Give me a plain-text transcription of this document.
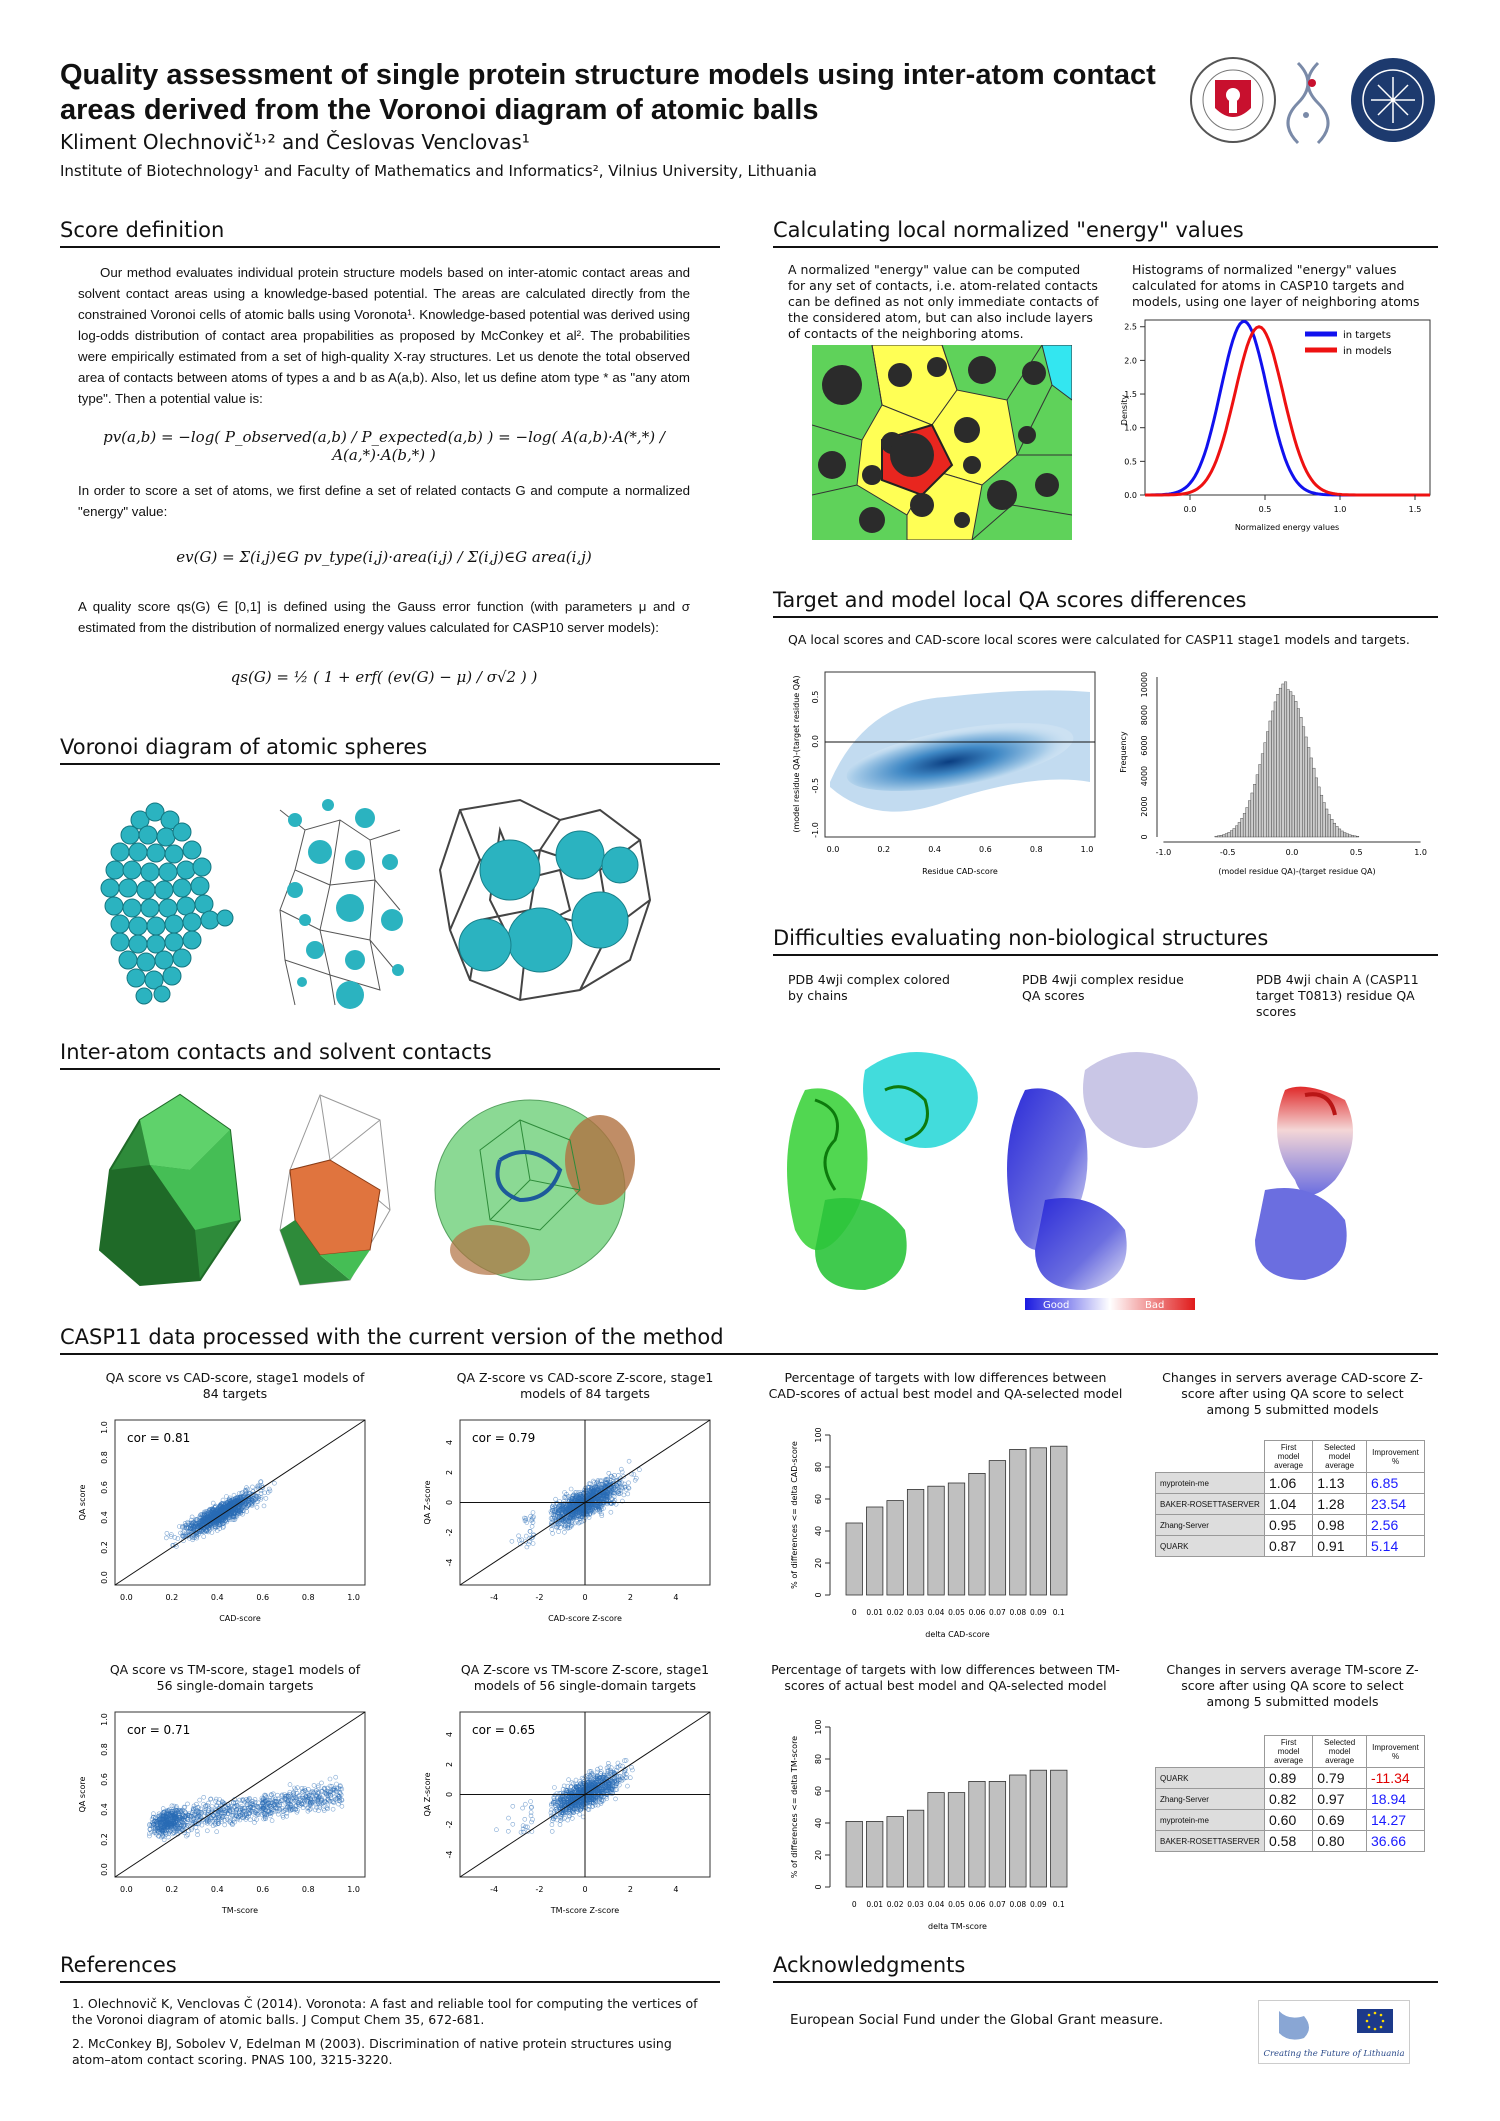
Quality assessment of single protein structure models using inter-atom contact areas derived from the Voronoi diagram of atomic balls
Kliment Olechnovič¹˒² and Česlovas Venclovas¹
Institute of Biotechnology¹ and Faculty of Mathematics and Informatics², Vilnius University, Lithuania
Score definition
Our method evaluates individual protein structure models based on inter-atomic contact areas and solvent contact areas using a knowledge-based potential. The areas are calculated directly from the constrained Voronoi cells of atomic balls using Voronota¹. Knowledge-based potential was derived using log-odds distribution of contact area propabilities as proposed by McConkey et al². The probabilities were empirically estimated from a set of high-quality X-ray structures. Let us denote the total observed area of contacts between atoms of types a and b as A(a,b). Also, let us define atom type * as "any atom type". Then a potential value is:
pv(a,b) = −log( P_observed(a,b) / P_expected(a,b) ) = −log( A(a,b)·A(*,*) / A(a,*)·A(b,*) )
In order to score a set of atoms, we first define a set of related contacts G and compute a normalized "energy" value:
ev(G) = Σ(i,j)∈G pv_type(i,j)·area(i,j) / Σ(i,j)∈G area(i,j)
A quality score qs(G) ∈ [0,1] is defined using the Gauss error function (with parameters μ and σ estimated from the distribution of normalized energy values calculated for CASP10 server models):
qs(G) = ½ ( 1 + erf( (ev(G) − μ) / σ√2 ) )
Voronoi diagram of atomic spheres
Inter-atom contacts and solvent contacts
Calculating local normalized "energy" values
A normalized "energy" value can be computed for any set of contacts, i.e. atom-related contacts can be defined as not only immediate contacts of the considered atom, but can also include layers of contacts of the neighboring atoms.
Histograms of normalized "energy" values calculated for atoms in CASP10 targets and models, using one layer of neighboring atoms
0.0	0.5	1.0	1.5
0.0
0.5
1.0
1.5
2.0
2.5
Density
Normalized energy values
in targets
in models
Target and model local QA scores differences
QA local scores and CAD-score local scores were calculated for CASP11 stage1 models and targets.
0.0	0.2	0.4	0.6	0.8	1.0
-1.0
-0.5
0.0
0.5
(model residue QA)-(target residue QA)
Residue CAD-score
-1.0	-0.5	0.0	0.5	1.0
0
2000
4000
6000
8000
10000
Frequency
(model residue QA)-(target residue QA)
Difficulties evaluating non-biological structures
PDB 4wji complex colored by chains
PDB 4wji complex residue QA scores
PDB 4wji chain A (CASP11 target T0813) residue QA scores
Good	Bad
CASP11 data processed with the current version of the method
QA score vs CAD-score, stage1 models of 84 targets
QA Z-score vs CAD-score Z-score, stage1 models of 84 targets
Percentage of targets with low differences between CAD-scores of actual best model and QA-selected model
Changes in servers average CAD-score Z-score after using QA score to select among 5 submitted models
cor = 0.81
0.0	0.2	0.4	0.6	0.8	1.0
0.0
0.2
0.4
0.6
0.8
1.0
CAD-score
QA score
cor = 0.79
-4	-2	0	2	4
-4
-2
0
2
4
CAD-score Z-score
QA Z-score
0 0.01 0.02 0.03 0.04 0.05 0.06 0.07 0.08 0.09 0.1
0
20
40
60
80
100
delta CAD-score
% of differences <= delta CAD-score
		First model average	Selected model average	Improvement %
myprotein-me	1.06	1.13	6.85
BAKER-ROSETTASERVER	1.04	1.28	23.54
Zhang-Server	0.95	0.98	2.56
QUARK	0.87	0.91	5.14
QA score vs TM-score, stage1 models of 56 single-domain targets
QA Z-score vs TM-score Z-score, stage1 models of 56 single-domain targets
Percentage of targets with low differences between TM-scores of actual best model and QA-selected model
Changes in servers average TM-score Z-score after using QA score to select among 5 submitted models
cor = 0.71
0.0	0.2	0.4	0.6	0.8	1.0
0.0
0.2
0.4
0.6
0.8
1.0
TM-score
QA score
cor = 0.65
-4	-2	0	2	4
-4
-2
0
2
4
TM-score Z-score
QA Z-score
0 0.01 0.02 0.03 0.04 0.05 0.06 0.07 0.08 0.09 0.1
0
20
40
60
80
100
delta TM-score
% of differences <= delta TM-score
		First model average	Selected model average	Improvement %
QUARK	0.89	0.79	-11.34
Zhang-Server	0.82	0.97	18.94
myprotein-me	0.60	0.69	14.27
BAKER-ROSETTASERVER	0.58	0.80	36.66
References
1. Olechnovič K, Venclovas Č (2014). Voronota: A fast and reliable tool for computing the vertices of the Voronoi diagram of atomic balls. J Comput Chem 35, 672-681.
2. McConkey BJ, Sobolev V, Edelman M (2003). Discrimination of native protein structures using atom–atom contact scoring. PNAS 100, 3215-3220.
Acknowledgments
European Social Fund under the Global Grant measure.
Creating the Future of Lithuania
